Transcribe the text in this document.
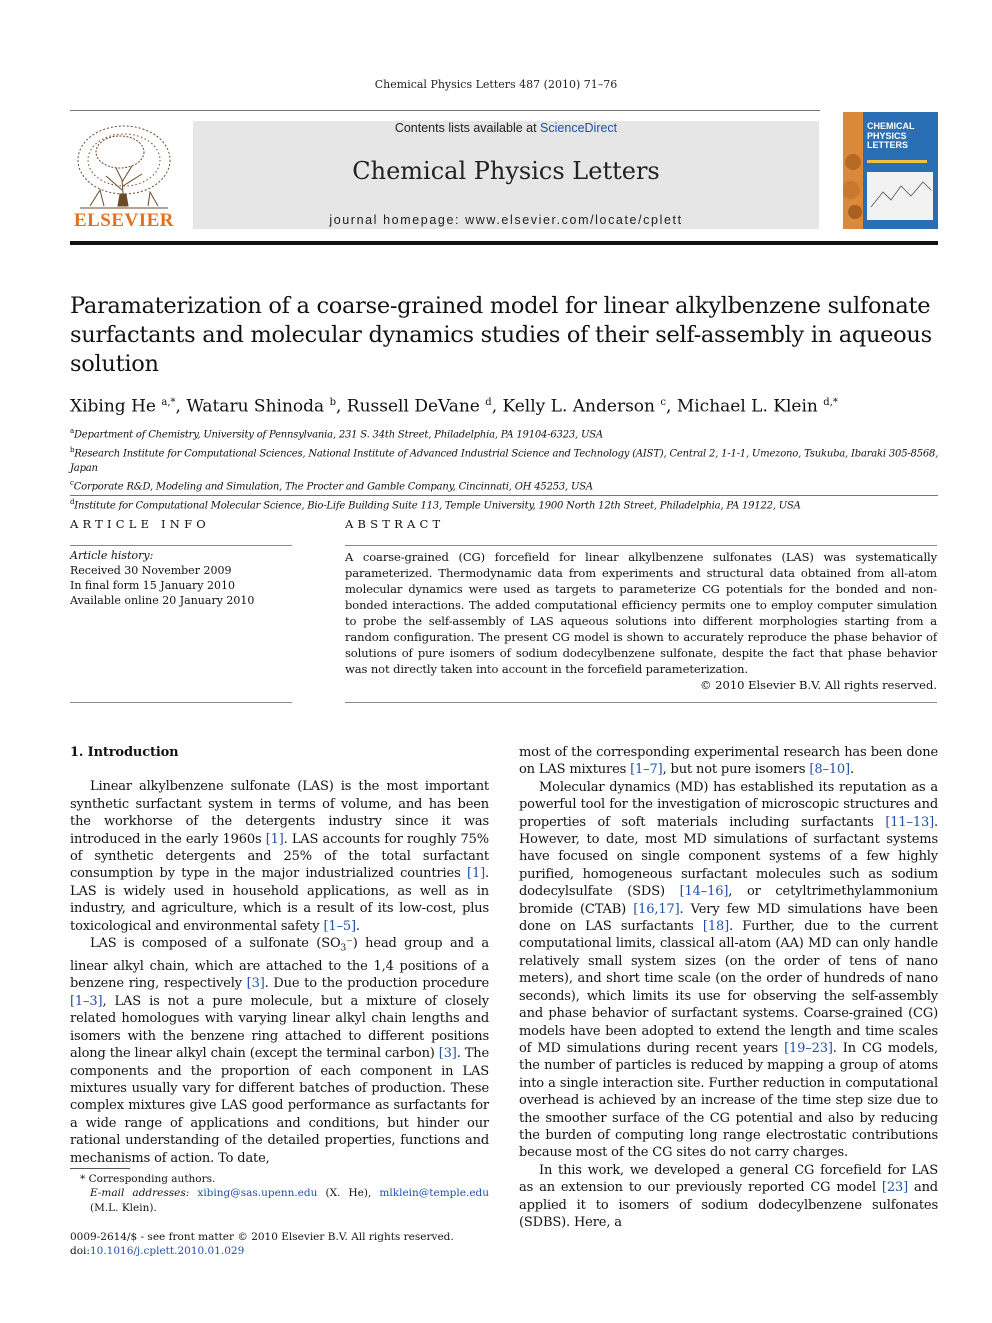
Chemical Physics Letters 487 (2010) 71–76
ELSEVIER
Contents lists available at ScienceDirect
Chemical Physics Letters
journal homepage: www.elsevier.com/locate/cplett
CHEMICAL
PHYSICS
LETTERS
Paramaterization of a coarse-grained model for linear alkylbenzene sulfonate surfactants and molecular dynamics studies of their self-assembly in aqueous solution
Xibing He $^{a,*}$, Wataru Shinoda $^b$, Russell DeVane $^d$, Kelly L. Anderson $^c$, Michael L. Klein $^{d,*}$
$^a$Department of Chemistry, University of Pennsylvania, 231 S. 34th Street, Philadelphia, PA 19104-6323, USA
$^b$Research Institute for Computational Sciences, National Institute of Advanced Industrial Science and Technology (AIST), Central 2, 1-1-1, Umezono, Tsukuba, Ibaraki 305-8568, Japan
$^c$Corporate R&D, Modeling and Simulation, The Procter and Gamble Company, Cincinnati, OH 45253, USA
$^d$Institute for Computational Molecular Science, Bio-Life Building Suite 113, Temple University, 1900 North 12th Street, Philadelphia, PA 19122, USA
ARTICLE INFO	ABSTRACT
Article history:
Received 30 November 2009
In final form 15 January 2010
Available online 20 January 2010
A coarse-grained (CG) forcefield for linear alkylbenzene sulfonates (LAS) was systematically parameterized. Thermodynamic data from experiments and structural data obtained from all-atom molecular dynamics were used as targets to parameterize CG potentials for the bonded and non-bonded interactions. The added computational efficiency permits one to employ computer simulation to probe the self-assembly of LAS aqueous solutions into different morphologies starting from a random configuration. The present CG model is shown to accurately reproduce the phase behavior of solutions of pure isomers of sodium dodecylbenzene sulfonate, despite the fact that phase behavior was not directly taken into account in the forcefield parameterization.
© 2010 Elsevier B.V. All rights reserved.
1. Introduction

Linear alkylbenzene sulfonate (LAS) is the most important synthetic surfactant system in terms of volume, and has been the workhorse of the detergents industry since it was introduced in the early 1960s [1]. LAS accounts for roughly 75% of synthetic detergents and 25% of the total surfactant consumption by type in the major industrialized countries [1]. LAS is widely used in household applications, as well as in industry, and agriculture, which is a result of its low-cost, plus toxicological and environmental safety [1–5].

LAS is composed of a sulfonate $(SO_3^-)$ head group and a linear alkyl chain, which are attached to the 1,4 positions of a benzene ring, respectively [3]. Due to the production procedure [1–3], LAS is not a pure molecule, but a mixture of closely related homologues with varying linear alkyl chain lengths and isomers with the benzene ring attached to different positions along the linear alkyl chain (except the terminal carbon) [3]. The components and the proportion of each component in LAS mixtures usually vary for different batches of production. These complex mixtures give LAS good performance as surfactants for a wide range of applications and conditions, but hinder our rational understanding of the detailed properties, functions and mechanisms of action. To date,

most of the corresponding experimental research has been done on LAS mixtures [1–7], but not pure isomers [8–10].

Molecular dynamics (MD) has established its reputation as a powerful tool for the investigation of microscopic structures and properties of soft materials including surfactants [11–13]. However, to date, most MD simulations of surfactant systems have focused on single component systems of a few highly purified, homogeneous surfactant molecules such as sodium dodecylsulfate (SDS) [14–16], or cetyltrimethylammonium bromide (CTAB) [16,17]. Very few MD simulations have been done on LAS surfactants [18]. Further, due to the current computational limits, classical all-atom (AA) MD can only handle relatively small system sizes (on the order of tens of nano meters), and short time scale (on the order of hundreds of nano seconds), which limits its use for observing the self-assembly and phase behavior of surfactant systems. Coarse-grained (CG) models have been adopted to extend the length and time scales of MD simulations during recent years [19–23]. In CG models, the number of particles is reduced by mapping a group of atoms into a single interaction site. Further reduction in computational overhead is achieved by an increase of the time step size due to the smoother surface of the CG potential and also by reducing the burden of computing long range electrostatic contributions because most of the CG sites do not carry charges.

In this work, we developed a general CG forcefield for LAS as an extension to our previously reported CG model [23] and applied it to isomers of sodium dodecylbenzene sulfonates (SDBS). Here, a

* Corresponding authors.

E-mail addresses: xibing@sas.upenn.edu (X. He), mlklein@temple.edu (M.L. Klein).

0009-2614/$ - see front matter © 2010 Elsevier B.V. All rights reserved.

doi:10.1016/j.cplett.2010.01.029
